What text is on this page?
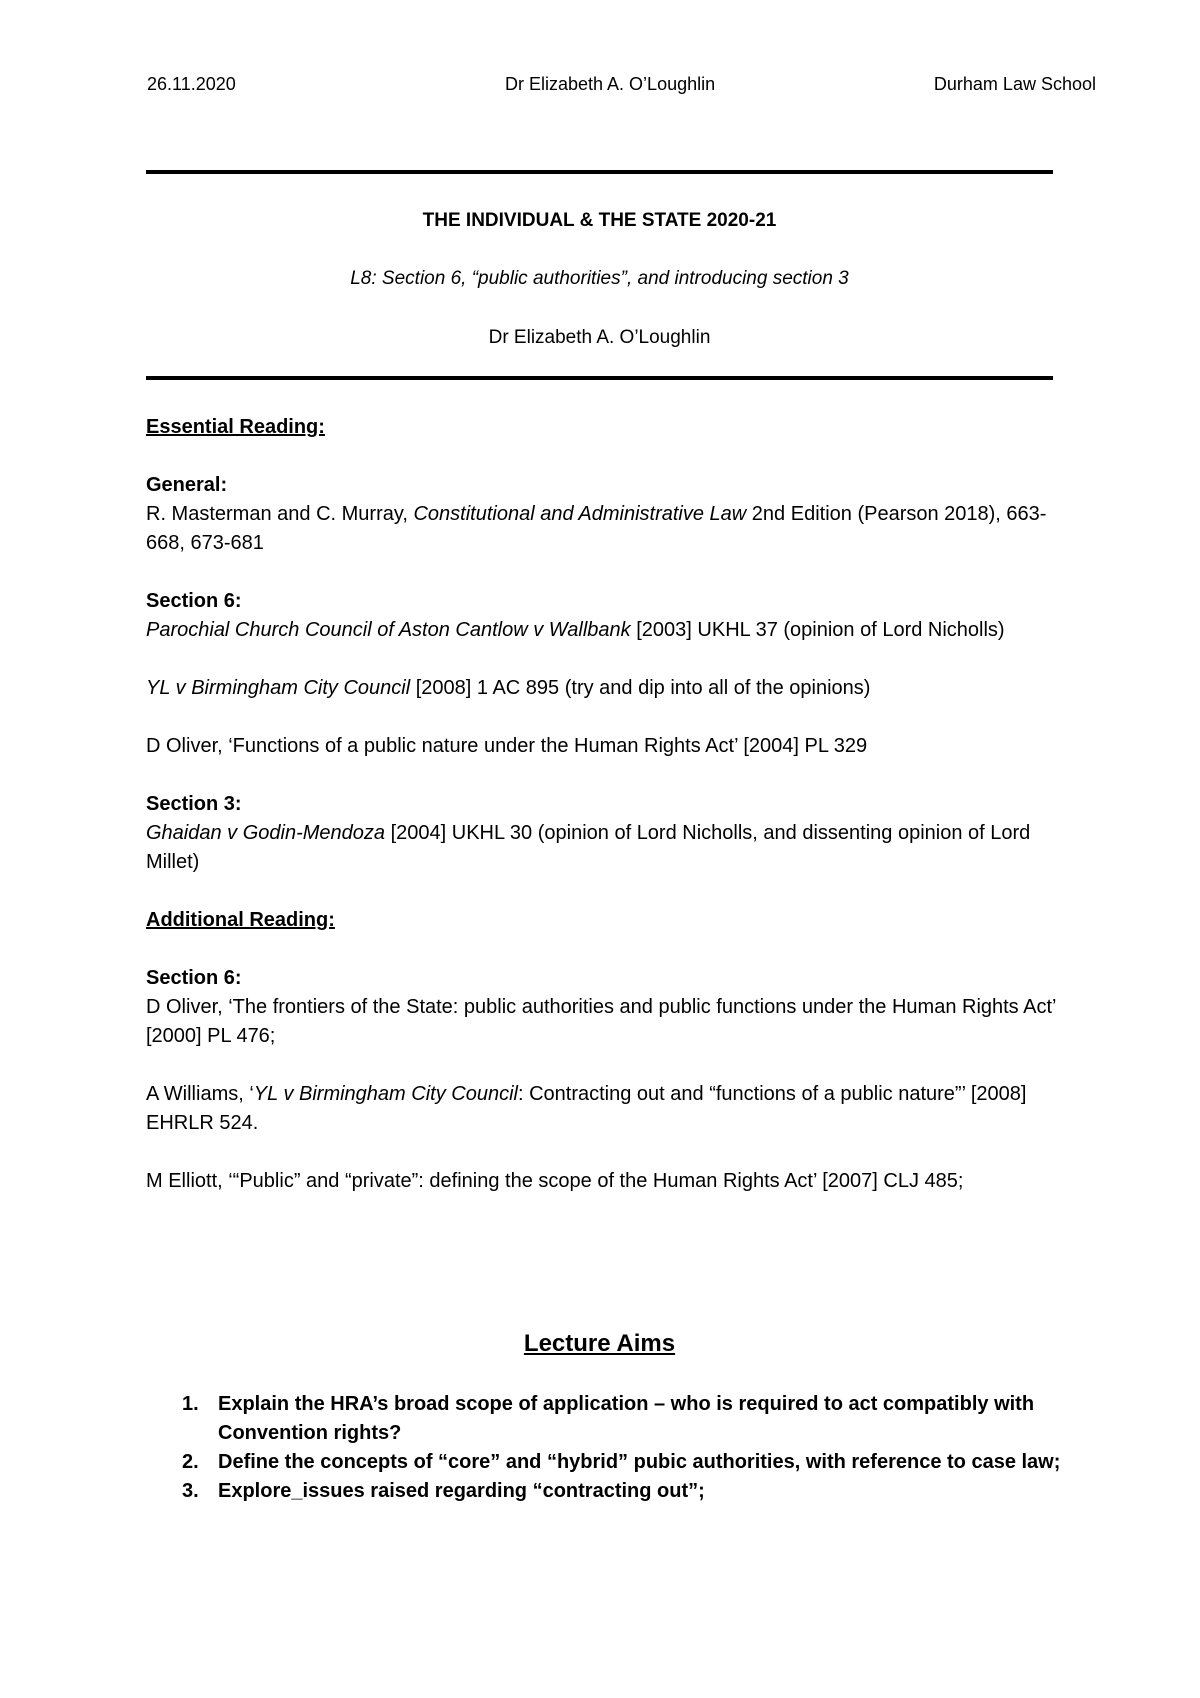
26.11.2020	Dr Elizabeth A. O’Loughlin	Durham Law School
THE INDIVIDUAL & THE STATE 2020-21
L8: Section 6, “public authorities”, and introducing section 3
Dr Elizabeth A. O’Loughlin

Essential Reading:

General:
R. Masterman and C. Murray, Constitutional and Administrative Law 2nd Edition (Pearson 2018), 663-668, 673-681

Section 6:
Parochial Church Council of Aston Cantlow v Wallbank [2003] UKHL 37 (opinion of Lord Nicholls)

YL v Birmingham City Council [2008] 1 AC 895 (try and dip into all of the opinions)

D Oliver, ‘Functions of a public nature under the Human Rights Act’ [2004] PL 329

Section 3:
Ghaidan v Godin-Mendoza [2004] UKHL 30 (opinion of Lord Nicholls, and dissenting opinion of Lord Millet)

Additional Reading:

Section 6:
D Oliver, ‘The frontiers of the State: public authorities and public functions under the Human Rights Act’ [2000] PL 476;

A Williams, ‘YL v Birmingham City Council: Contracting out and “functions of a public nature”’ [2008] EHRLR 524.

M Elliott, ‘“Public” and “private”: defining the scope of the Human Rights Act’ [2007] CLJ 485;

Lecture Aims
1. Explain the HRA’s broad scope of application – who is required to act compatibly with Convention rights?
2. Define the concepts of “core” and “hybrid” pubic authorities, with reference to case law;
3. Explore_issues raised regarding “contracting out”;
